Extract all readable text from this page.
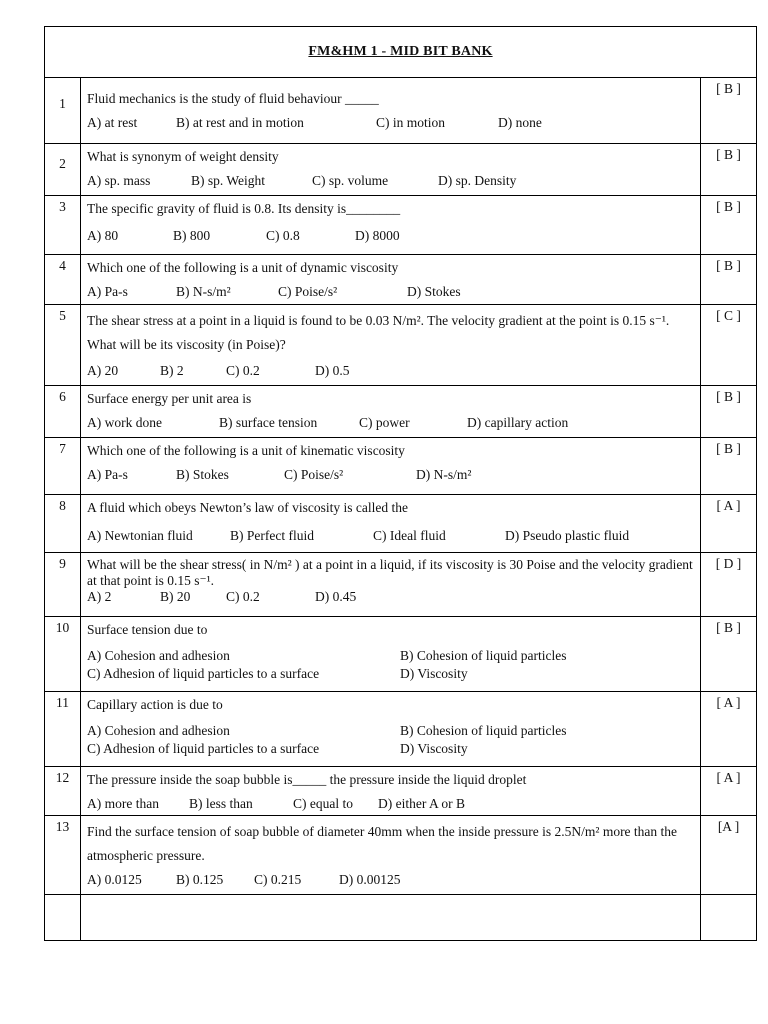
FM&HM 1 - MID BIT BANK
1	Fluid mechanics is the study of fluid behaviour _____
A) at rest B) at rest and in motion C) in motion D) none	[ B ]

2	What is synonym of weight density
A) sp. mass B) sp. Weight C) sp. volume D) sp. Density	[ B ]

3	The specific gravity of fluid is 0.8. Its density is________
A) 80 B) 800 C) 0.8 D) 8000	[ B ]

4	Which one of the following is a unit of dynamic viscosity
A) Pa-s B) N-s/m² C) Poise/s² D) Stokes	[ B ]

5	The shear stress at a point in a liquid is found to be 0.03 N/m². The velocity gradient at the point is 0.15 s⁻¹. What will be its viscosity (in Poise)?
A) 20 B) 2 C) 0.2 D) 0.5	[ C ]

6	Surface energy per unit area is
A) work done B) surface tension C) power D) capillary action	[ B ]

7	Which one of the following is a unit of kinematic viscosity
A) Pa-s B) Stokes C) Poise/s² D) N-s/m²	[ B ]

8	A fluid which obeys Newton’s law of viscosity is called the
A) Newtonian fluid B) Perfect fluid C) Ideal fluid D) Pseudo plastic fluid	[ A ]

9	What will be the shear stress( in N/m² ) at a point in a liquid, if its viscosity is 30 Poise and the velocity gradient at that point is 0.15 s⁻¹.
A) 2 B) 20 C) 0.2 D) 0.45	[ D ]

10	Surface tension due to
A) Cohesion and adhesion B) Cohesion of liquid particles
C) Adhesion of liquid particles to a surface D) Viscosity	[ B ]

11	Capillary action is due to
A) Cohesion and adhesion B) Cohesion of liquid particles
C) Adhesion of liquid particles to a surface D) Viscosity	[ A ]

12	The pressure inside the soap bubble is_____ the pressure inside the liquid droplet
A) more than B) less than C) equal to D) either A or B	[ A ]

13	Find the surface tension of soap bubble of diameter 40mm when the inside pressure is 2.5N/m² more than the atmospheric pressure.
A) 0.0125 B) 0.125 C) 0.215 D) 0.00125	[A ]
